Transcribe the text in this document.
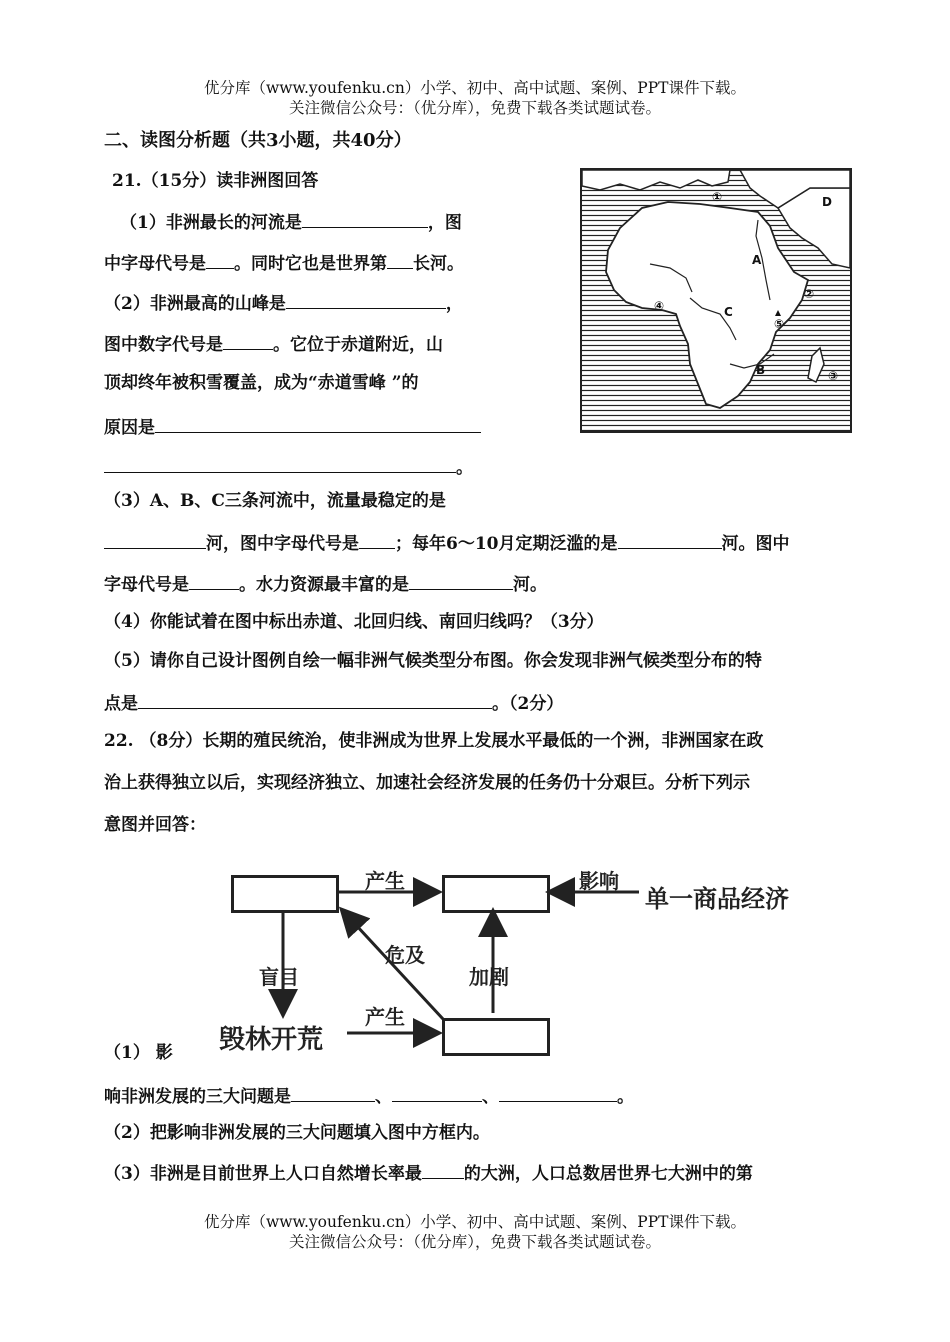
优分库（www.youfenku.cn）小学、初中、高中试题、案例、PPT课件下载。
关注微信公众号：（优分库），免费下载各类试题试卷。
二、读图分析题（共3小题，共40分）
21.（15分）读非洲图回答
（1）非洲最长的河流是	，图
中字母代号是 。同时它也是世界第 长河。
（2）非洲最高的山峰是	，
图中数字代号是	。它位于赤道附近，山
顶却终年被积雪覆盖，成为“赤道雪峰 ”的
原因是
。
（3）A、B、C三条河流中，流量最稳定的是
河，图中字母代号是 ；每年6～10月定期泛滥的是	河。图中
字母代号是	。水力资源最丰富的是	河。
（4）你能试着在图中标出赤道、北回归线、南回归线吗？（3分）
（5）请你自己设计图例自绘一幅非洲气候类型分布图。你会发现非洲气候类型分布的特
点是	。（2分）
①
②
③
④
⑤
A
B
C
D
22. （8分）长期的殖民统治，使非洲成为世界上发展水平最低的一个洲，非洲国家在政
治上获得独立以后，实现经济独立、加速社会经济发展的任务仍十分艰巨。分析下列示
意图并回答：
产生	影响
单一商品经济
危及
盲目	加剧
产生
毁林开荒
（1） 影
响非洲发展的三大问题是	、	、	。
（2）把影响非洲发展的三大问题填入图中方框内。
（3）非洲是目前世界上人口自然增长率最 的大洲，人口总数居世界七大洲中的第
优分库（www.youfenku.cn）小学、初中、高中试题、案例、PPT课件下载。
关注微信公众号：（优分库），免费下载各类试题试卷。
